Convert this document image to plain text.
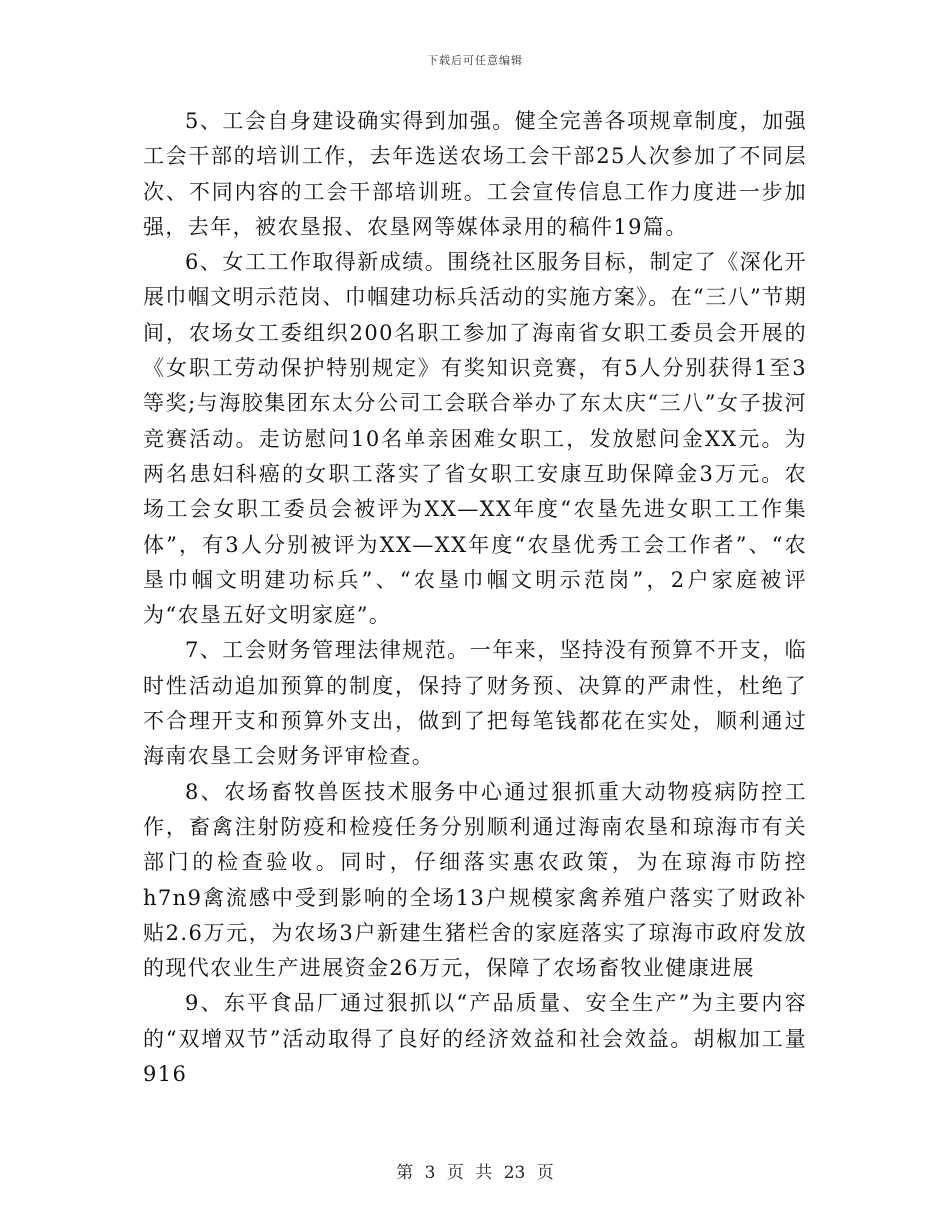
下载后可任意编辑

5、工会自身建设确实得到加强。健全完善各项规章制度，加强工会干部的培训工作，去年选送农场工会干部25人次参加了不同层次、不同内容的工会干部培训班。工会宣传信息工作力度进一步加强，去年，被农垦报、农垦网等媒体录用的稿件19篇。

6、女工工作取得新成绩。围绕社区服务目标，制定了《深化开展巾帼文明示范岗、巾帼建功标兵活动的实施方案》。在“三八”节期间，农场女工委组织200名职工参加了海南省女职工委员会开展的《女职工劳动保护特别规定》有奖知识竞赛，有5人分别获得1至3等奖;与海胶集团东太分公司工会联合举办了东太庆“三八”女子拔河竞赛活动。走访慰问10名单亲困难女职工，发放慰问金XX元。为两名患妇科癌的女职工落实了省女职工安康互助保障金3万元。农场工会女职工委员会被评为XX—XX年度“农垦先进女职工工作集体”，有3人分别被评为XX—XX年度“农垦优秀工会工作者”、“农垦巾帼文明建功标兵”、“农垦巾帼文明示范岗”，2户家庭被评为“农垦五好文明家庭”。

7、工会财务管理法律规范。一年来，坚持没有预算不开支，临时性活动追加预算的制度，保持了财务预、决算的严肃性，杜绝了不合理开支和预算外支出，做到了把每笔钱都花在实处，顺利通过海南农垦工会财务评审检查。

8、农场畜牧兽医技术服务中心通过狠抓重大动物疫病防控工作，畜禽注射防疫和检疫任务分别顺利通过海南农垦和琼海市有关部门的检查验收。同时，仔细落实惠农政策，为在琼海市防控h7n9禽流感中受到影响的全场13户规模家禽养殖户落实了财政补贴2.6万元，为农场3户新建生猪栏舍的家庭落实了琼海市政府发放的现代农业生产进展资金26万元，保障了农场畜牧业健康进展

9、东平食品厂通过狠抓以“产品质量、安全生产”为主要内容的“双增双节”活动取得了良好的经济效益和社会效益。胡椒加工量916

第 3 页 共 23 页
